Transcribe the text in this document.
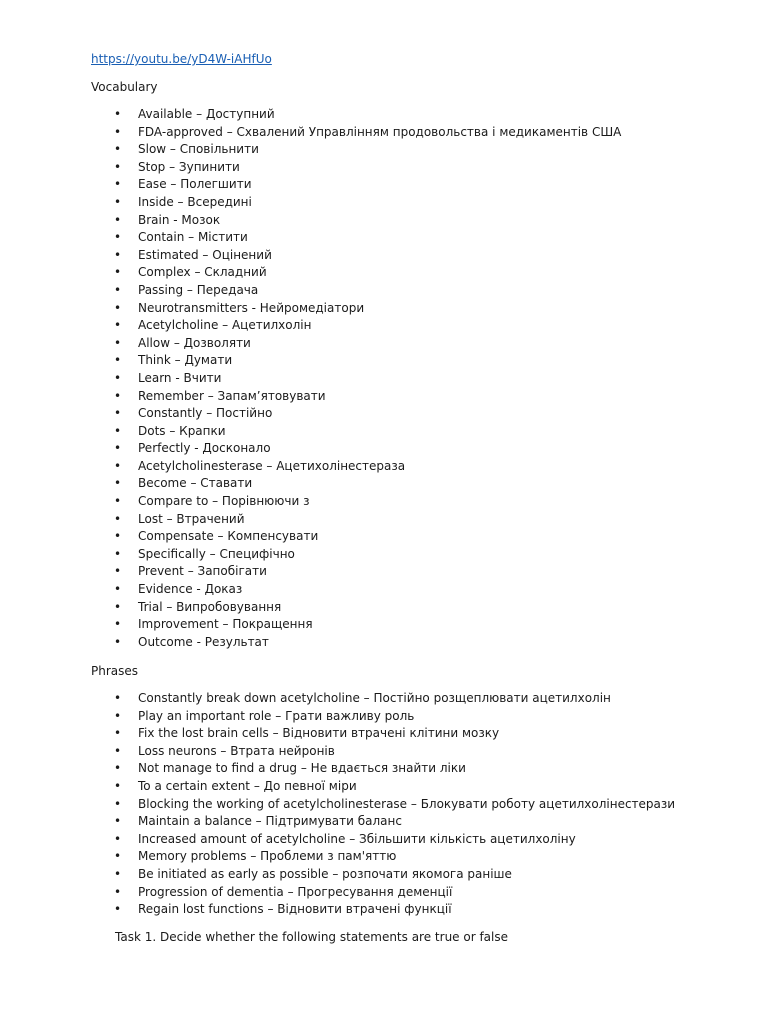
https://youtu.be/yD4W-iAHfUo
Vocabulary
• Available – Доступний
• FDA-approved – Схвалений Управлінням продовольства і медикаментів США
• Slow – Сповільнити
• Stop – Зупинити
• Ease – Полегшити
• Inside – Всередині
• Brain - Мозок
• Contain – Містити
• Estimated – Оцінений
• Complex – Складний
• Passing – Передача
• Neurotransmitters - Нейромедіатори
• Acetylcholine – Ацетилхолін
• Allow – Дозволяти
• Think – Думати
• Learn - Вчити
• Remember – Запам’ятовувати
• Constantly – Постійно
• Dots – Крапки
• Perfectly - Досконало
• Acetylcholinesterase – Ацетихолінестераза
• Become – Ставати
• Compare to – Порівнюючи з
• Lost – Втрачений
• Compensate – Компенсувати
• Specifically – Специфічно
• Prevent – Запобігати
• Evidence - Доказ
• Trial – Випробовування
• Improvement – Покращення
• Outcome - Результат
Phrases
• Constantly break down acetylcholine – Постійно розщеплювати ацетилхолін
• Play an important role – Грати важливу роль
• Fix the lost brain cells – Відновити втрачені клітини мозку
• Loss neurons – Втрата нейронів
• Not manage to find a drug – Не вдається знайти ліки
• To a certain extent – До певної міри
• Blocking the working of acetylcholinesterase – Блокувати роботу ацетилхолінестерази
• Maintain a balance – Підтримувати баланс
• Increased amount of acetylcholine – Збільшити кількість ацетилхоліну
• Memory problems – Проблеми з пам'яттю
• Be initiated as early as possible – розпочати якомога раніше
• Progression of dementia – Прогресування деменції
• Regain lost functions – Відновити втрачені функції
Task 1. Decide whether the following statements are true or false
